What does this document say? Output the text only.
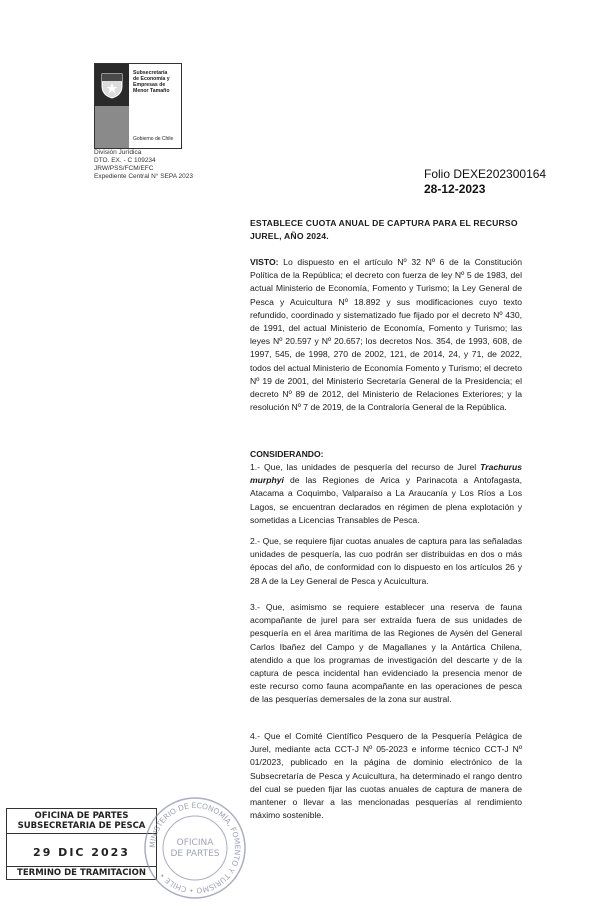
Subsecretaría
de Economía y
Empresas de
Menor Tamaño
Gobierno de Chile
División Jurídica
DTO. EX. - C 109234
JRW/PSS/FCM/EFC
Expediente Central N° SEPA 2023	Folio DEXE202300164
28-12-2023
ESTABLECE CUOTA ANUAL DE CAPTURA PARA EL RECURSO JUREL, AÑO 2024.
VISTO: Lo dispuesto en el artículo Nº 32 Nº 6 de la Constitución Política de la República; el decreto con fuerza de ley Nº 5 de 1983, del actual Ministerio de Economía, Fomento y Turismo; la Ley General de Pesca y Acuicultura Nº 18.892 y sus modificaciones cuyo texto refundido, coordinado y sistematizado fue fijado por el decreto Nº 430, de 1991, del actual Ministerio de Economía, Fomento y Turismo; las leyes Nº 20.597 y Nº 20.657; los decretos Nos. 354, de 1993, 608, de 1997, 545, de 1998, 270 de 2002, 121, de 2014, 24, y 71, de 2022, todos del actual Ministerio de Economía Fomento y Turismo; el decreto Nº 19 de 2001, del Ministerio Secretaría General de la Presidencia; el decreto Nº 89 de 2012, del Ministerio de Relaciones Exteriores; y la resolución Nº 7 de 2019, de la Contraloría General de la República.
CONSIDERANDO:
1.- Que, las unidades de pesquería del recurso de Jurel Trachurus murphyi de las Regiones de Arica y Parinacota a Antofagasta, Atacama a Coquimbo, Valparaíso a La Araucanía y Los Ríos a Los Lagos, se encuentran declarados en régimen de plena explotación y sometidas a Licencias Transables de Pesca.
2.- Que, se requiere fijar cuotas anuales de captura para las señaladas unidades de pesquería, las cuo podrán ser distribuidas en dos o más épocas del año, de conformidad con lo dispuesto en los artículos 26 y 28 A de la Ley General de Pesca y Acuicultura.
3.- Que, asimismo se requiere establecer una reserva de fauna acompañante de jurel para ser extraída fuera de sus unidades de pesquería en el área marítima de las Regiones de Aysén del General Carlos Ibañez del Campo y de Magallanes y la Antártica Chilena, atendido a que los programas de investigación del descarte y de la captura de pesca incidental han evidenciado la presencia menor de este recurso como fauna acompañante en las operaciones de pesca de las pesquerías demersales de la zona sur austral.
4.- Que el Comité Científico Pesquero de la Pesquería Pelágica de Jurel, mediante acta CCT-J Nº 05-2023 e informe técnico CCT-J Nº 01/2023, publicado en la página de dominio electrónico de la Subsecretaría de Pesca y Acuicultura, ha determinado el rango dentro del cual se pueden fijar las cuotas anuales de captura de manera de mantener o llevar a las mencionadas pesquerías al rendimiento máximo sostenible.
OFICINA DE PARTES
SUBSECRETARIA DE PESCA
29 DIC 2023
TERMINO DE TRAMITACION
MINISTERIO DE ECONOMÍA, FOMENTO Y TURISMO • CHILE •
OFICINA
DE PARTES
